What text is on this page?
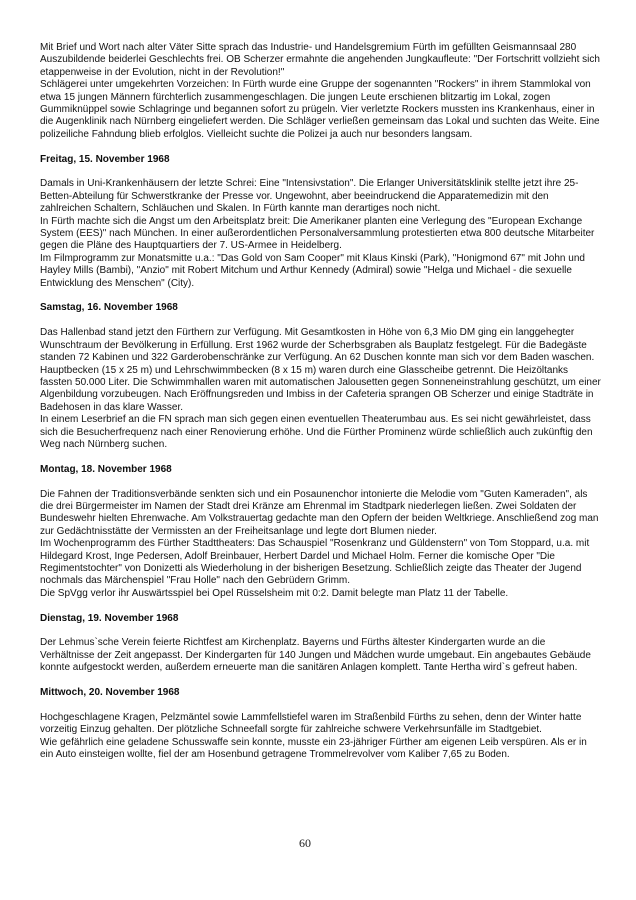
Mit Brief und Wort nach alter Väter Sitte sprach das Industrie- und Handelsgremium Fürth im gefüllten Geismannsaal 280 Auszubildende beiderlei Geschlechts frei. OB Scherzer ermahnte die angehenden Jungkaufleute: "Der Fortschritt vollzieht sich etappenweise in der Evolution, nicht in der Revolution!"

Schlägerei unter umgekehrten Vorzeichen: In Fürth wurde eine Gruppe der sogenannten "Rockers" in ihrem Stammlokal von etwa 15 jungen Männern fürchterlich zusammengeschlagen. Die jungen Leute erschienen blitzartig im Lokal, zogen Gummiknüppel sowie Schlagringe und begannen sofort zu prügeln. Vier verletzte Rockers mussten ins Krankenhaus, einer in die Augenklinik nach Nürnberg eingeliefert werden. Die Schläger verließen gemeinsam das Lokal und suchten das Weite. Eine polizeiliche Fahndung blieb erfolglos. Vielleicht suchte die Polizei ja auch nur besonders langsam.

Freitag, 15. November 1968

Damals in Uni-Krankenhäusern der letzte Schrei: Eine "Intensivstation". Die Erlanger Universitätsklinik stellte jetzt ihre 25-Betten-Abteilung für Schwerstkranke der Presse vor. Ungewohnt, aber beeindruckend die Apparatemedizin mit den zahlreichen Schaltern, Schläuchen und Skalen. In Fürth kannte man derartiges noch nicht.

In Fürth machte sich die Angst um den Arbeitsplatz breit: Die Amerikaner planten eine Verlegung des "European Exchange System (EES)" nach München. In einer außerordentlichen Personalversammlung protestierten etwa 800 deutsche Mitarbeiter gegen die Pläne des Hauptquartiers der 7. US-Armee in Heidelberg.

Im Filmprogramm zur Monatsmitte u.a.: "Das Gold von Sam Cooper" mit Klaus Kinski (Park), "Honigmond 67" mit John und Hayley Mills (Bambi), "Anzio" mit Robert Mitchum und Arthur Kennedy (Admiral) sowie "Helga und Michael - die sexuelle Entwicklung des Menschen" (City).

Samstag, 16. November 1968

Das Hallenbad stand jetzt den Fürthern zur Verfügung. Mit Gesamtkosten in Höhe von 6,3 Mio DM ging ein langgehegter Wunschtraum der Bevölkerung in Erfüllung. Erst 1962 wurde der Scherbsgraben als Bauplatz festgelegt. Für die Badegäste standen 72 Kabinen und 322 Garderobenschränke zur Verfügung. An 62 Duschen konnte man sich vor dem Baden waschen. Hauptbecken (15 x 25 m) und Lehrschwimmbecken (8 x 15 m) waren durch eine Glasscheibe getrennt. Die Heizöltanks fassten 50.000 Liter. Die Schwimmhallen waren mit automatischen Jalousetten gegen Sonneneinstrahlung geschützt, um einer Algenbildung vorzubeugen. Nach Eröffnungsreden und Imbiss in der Cafeteria sprangen OB Scherzer und einige Stadträte in Badehosen in das klare Wasser.

In einem Leserbrief an die FN sprach man sich gegen einen eventuellen Theaterumbau aus. Es sei nicht gewährleistet, dass sich die Besucherfrequenz nach einer Renovierung erhöhe. Und die Fürther Prominenz würde schließlich auch zukünftig den Weg nach Nürnberg suchen.

Montag, 18. November 1968

Die Fahnen der Traditionsverbände senkten sich und ein Posaunenchor intonierte die Melodie vom "Guten Kameraden", als die drei Bürgermeister im Namen der Stadt drei Kränze am Ehrenmal im Stadtpark niederlegen ließen. Zwei Soldaten der Bundeswehr hielten Ehrenwache. Am Volkstrauertag gedachte man den Opfern der beiden Weltkriege. Anschließend zog man zur Gedächtnisstätte der Vermissten an der Freiheitsanlage und legte dort Blumen nieder.

Im Wochenprogramm des Fürther Stadttheaters: Das Schauspiel "Rosenkranz und Güldenstern" von Tom Stoppard, u.a. mit Hildegard Krost, Inge Pedersen, Adolf Breinbauer, Herbert Dardel und Michael Holm. Ferner die komische Oper "Die Regimentstochter" von Donizetti als Wiederholung in der bisherigen Besetzung. Schließlich zeigte das Theater der Jugend nochmals das Märchenspiel "Frau Holle" nach den Gebrüdern Grimm.

Die SpVgg verlor ihr Auswärtsspiel bei Opel Rüsselsheim mit 0:2. Damit belegte man Platz 11 der Tabelle.

Dienstag, 19. November 1968

Der Lehmus`sche Verein feierte Richtfest am Kirchenplatz. Bayerns und Fürths ältester Kindergarten wurde an die Verhältnisse der Zeit angepasst. Der Kindergarten für 140 Jungen und Mädchen wurde umgebaut. Ein angebautes Gebäude konnte aufgestockt werden, außerdem erneuerte man die sanitären Anlagen komplett. Tante Hertha wird`s gefreut haben.

Mittwoch, 20. November 1968

Hochgeschlagene Kragen, Pelzmäntel sowie Lammfellstiefel waren im Straßenbild Fürths zu sehen, denn der Winter hatte vorzeitig Einzug gehalten. Der plötzliche Schneefall sorgte für zahlreiche schwere Verkehrsunfälle im Stadtgebiet.

Wie gefährlich eine geladene Schusswaffe sein konnte, musste ein 23-jähriger Fürther am eigenen Leib verspüren. Als er in ein Auto einsteigen wollte, fiel der am Hosenbund getragene Trommelrevolver vom Kaliber 7,65 zu Boden.

60
